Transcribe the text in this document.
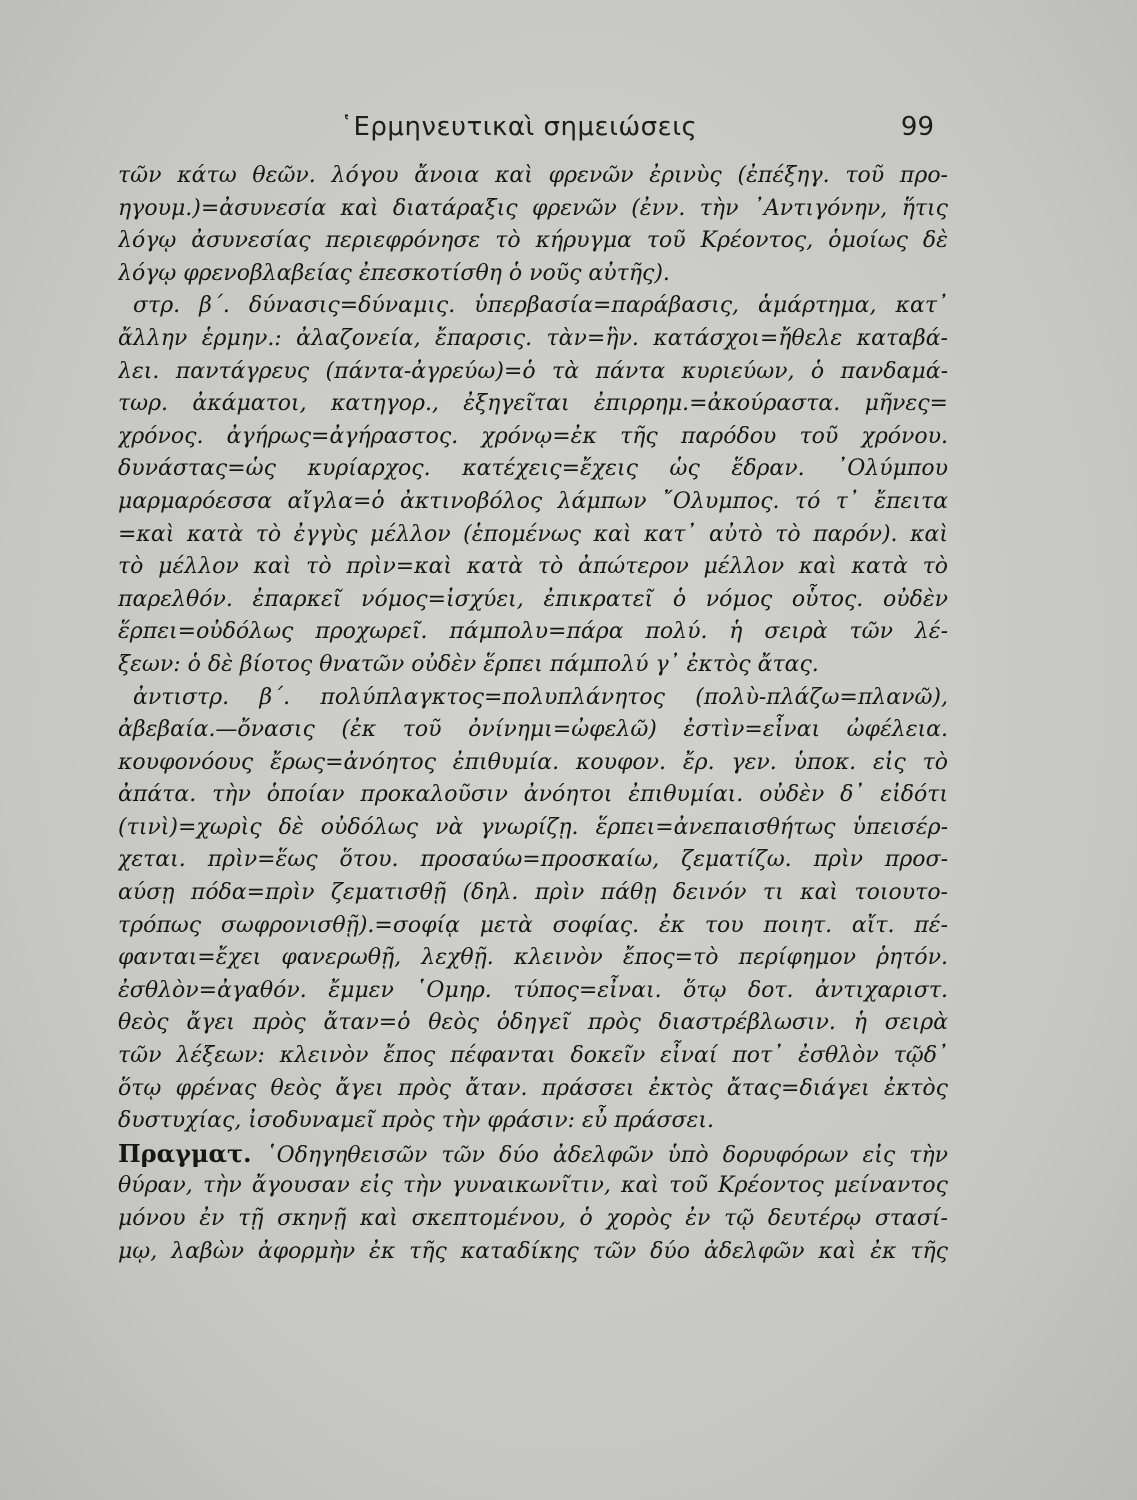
῾Ερμηνευτικαὶ σημειώσεις	99
τῶν κάτω θεῶν. λόγου ἄνοια καὶ φρενῶν ἐρινὺς (ἐπέξηγ. τοῦ προ-
ηγουμ.)=ἀσυνεσία καὶ διατάραξις φρενῶν (ἐνν. τὴν ᾿Αντιγόνην, ἥτις
λόγῳ ἀσυνεσίας περιεφρόνησε τὸ κήρυγμα τοῦ Κρέοντος, ὁμοίως δὲ
λόγῳ φρενοβλαβείας ἐπεσκοτίσθη ὁ νοῦς αὐτῆς).
στρ. β΄. δύνασις=δύναμις. ὑπερβασία=παράβασις, ἁμάρτημα, κατ᾿
ἄλλην ἑρμην.: ἀλαζονεία, ἔπαρσις. τὰν=ἣν. κατάσχοι=ἤθελε καταβά-
λει. παντάγρευς (πάντα-ἀγρεύω)=ὁ τὰ πάντα κυριεύων, ὁ πανδαμά-
τωρ. ἀκάματοι, κατηγορ., ἐξηγεῖται ἐπιρρημ.=ἀκούραστα. μῆνες=
χρόνος. ἀγήρως=ἀγήραστος. χρόνῳ=ἐκ τῆς παρόδου τοῦ χρόνου.
δυνάστας=ὡς κυρίαρχος. κατέχεις=ἔχεις ὡς ἕδραν. ᾿Ολύμπου
μαρμαρόεσσα αἴγλα=ὁ ἀκτινοβόλος λάμπων ῎Ολυμπος. τό τ᾿ ἔπειτα
=καὶ κατὰ τὸ ἐγγὺς μέλλον (ἑπομένως καὶ κατ᾿ αὐτὸ τὸ παρόν). καὶ
τὸ μέλλον καὶ τὸ πρὶν=καὶ κατὰ τὸ ἀπώτερον μέλλον καὶ κατὰ τὸ
παρελθόν. ἐπαρκεῖ νόμος=ἰσχύει, ἐπικρατεῖ ὁ νόμος οὗτος. οὐδὲν
ἕρπει=οὐδόλως προχωρεῖ. πάμπολυ=πάρα πολύ. ἡ σειρὰ τῶν λέ-
ξεων: ὁ δὲ βίοτος θνατῶν οὐδὲν ἕρπει πάμπολύ γ᾿ ἐκτὸς ἄτας.
ἀντιστρ. β΄. πολύπλαγκτος=πολυπλάνητος (πολὺ-πλάζω=πλανῶ),
ἀβεβαία.—ὄνασις (ἐκ τοῦ ὀνίνημι=ὠφελῶ) ἐστὶν=εἶναι ὠφέλεια.
κουφονόους ἔρως=ἀνόητος ἐπιθυμία. κουφον. ἔρ. γεν. ὑποκ. εἰς τὸ
ἀπάτα. τὴν ὁποίαν προκαλοῦσιν ἀνόητοι ἐπιθυμίαι. οὐδὲν δ᾿ εἰδότι
(τινὶ)=χωρὶς δὲ οὐδόλως νὰ γνωρίζῃ. ἕρπει=ἀνεπαισθήτως ὑπεισέρ-
χεται. πρὶν=ἕως ὅτου. προσαύω=προσκαίω, ζεματίζω. πρὶν προσ-
αύσῃ πόδα=πρὶν ζεματισθῇ (δηλ. πρὶν πάθῃ δεινόν τι καὶ τοιουτο-
τρόπως σωφρονισθῇ).=σοφίᾳ μετὰ σοφίας. ἐκ του ποιητ. αἴτ. πέ-
φανται=ἔχει φανερωθῇ, λεχθῇ. κλεινὸν ἔπος=τὸ περίφημον ῥητόν.
ἐσθλὸν=ἀγαθόν. ἔμμεν ῾Ομηρ. τύπος=εἶναι. ὅτῳ δοτ. ἀντιχαριστ.
θεὸς ἄγει πρὸς ἄταν=ὁ θεὸς ὁδηγεῖ πρὸς διαστρέβλωσιν. ἡ σειρὰ
τῶν λέξεων: κλεινὸν ἔπος πέφανται δοκεῖν εἶναί ποτ᾿ ἐσθλὸν τῷδ᾿
ὅτῳ φρένας θεὸς ἄγει πρὸς ἄταν. πράσσει ἐκτὸς ἄτας=διάγει ἐκτὸς
δυστυχίας, ἰσοδυναμεῖ πρὸς τὴν φράσιν: εὖ πράσσει.
Πραγματ. ῾Οδηγηθεισῶν τῶν δύο ἀδελφῶν ὑπὸ δορυφόρων εἰς τὴν
θύραν, τὴν ἄγουσαν εἰς τὴν γυναικωνῖτιν, καὶ τοῦ Κρέοντος μείναντος
μόνου ἐν τῇ σκηνῇ καὶ σκεπτομένου, ὁ χορὸς ἐν τῷ δευτέρῳ στασί-
μῳ, λαβὼν ἀφορμὴν ἐκ τῆς καταδίκης τῶν δύο ἀδελφῶν καὶ ἐκ τῆς
